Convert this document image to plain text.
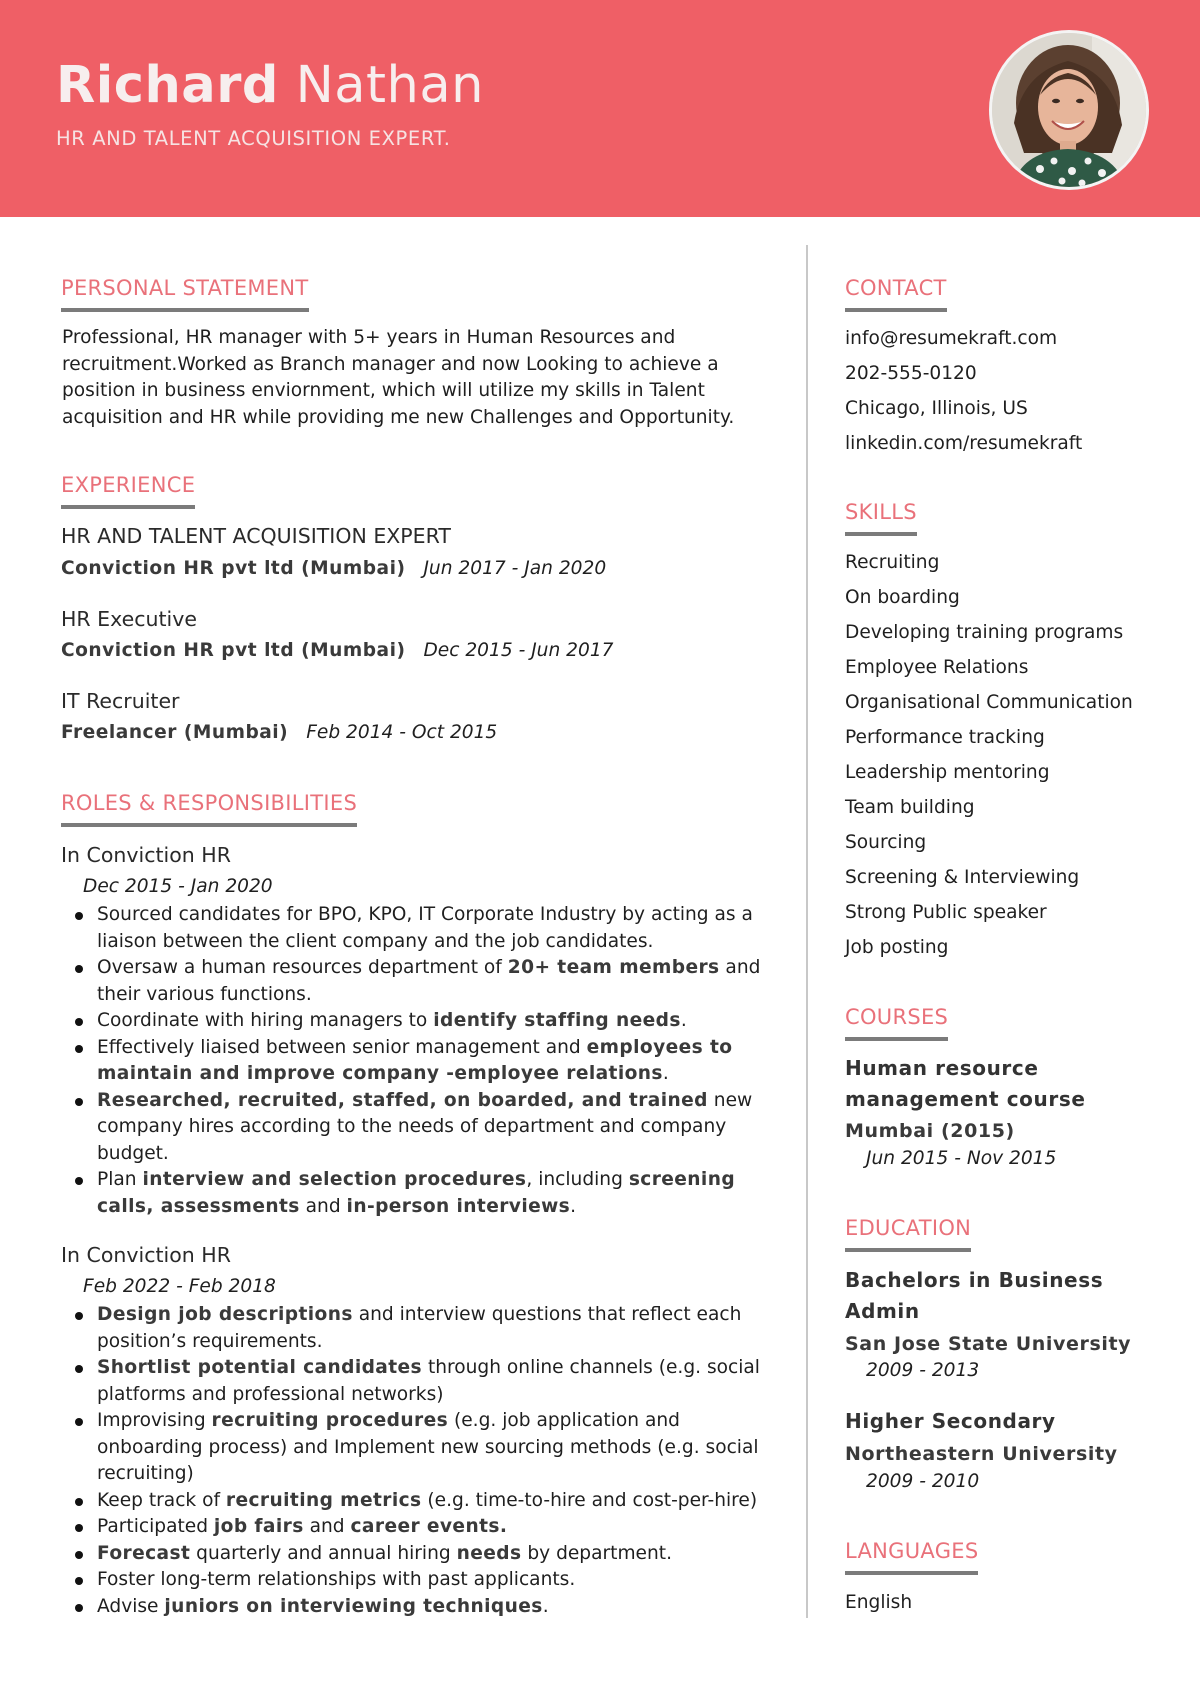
Richard Nathan
HR AND TALENT ACQUISITION EXPERT.
PERSONAL STATEMENT
Professional, HR manager with 5+ years in Human Resources and recruitment.Worked as Branch manager and now Looking to achieve a position in business enviornment, which will utilize my skills in Talent acquisition and HR while providing me new Challenges and Opportunity.
EXPERIENCE
HR AND TALENT ACQUISITION EXPERT
Conviction HR pvt ltd (Mumbai) Jun 2017 - Jan 2020
HR Executive
Conviction HR pvt ltd (Mumbai) Dec 2015 - Jun 2017
IT Recruiter
Freelancer (Mumbai) Feb 2014 - Oct 2015
ROLES & RESPONSIBILITIES
In Conviction HR
Dec 2015 - Jan 2020
Sourced candidates for BPO, KPO, IT Corporate Industry by acting as a liaison between the client company and the job candidates.
Oversaw a human resources department of 20+ team members and their various functions.
Coordinate with hiring managers to identify staffing needs.
Effectively liaised between senior management and employees to maintain and improve company -employee relations.
Researched, recruited, staffed, on boarded, and trained new company hires according to the needs of department and company budget.
Plan interview and selection procedures, including screening calls, assessments and in-person interviews.
In Conviction HR
Feb 2022 - Feb 2018
Design job descriptions and interview questions that reflect each position’s requirements.
Shortlist potential candidates through online channels (e.g. social platforms and professional networks)
Improvising recruiting procedures (e.g. job application and onboarding process) and Implement new sourcing methods (e.g. social recruiting)
Keep track of recruiting metrics (e.g. time-to-hire and cost-per-hire)
Participated job fairs and career events.
Forecast quarterly and annual hiring needs by department.
Foster long-term relationships with past applicants.
Advise juniors on interviewing techniques.
CONTACT
info@resumekraft.com
202-555-0120
Chicago, Illinois, US
linkedin.com/resumekraft
SKILLS
Recruiting
On boarding
Developing training programs
Employee Relations
Organisational Communication
Performance tracking
Leadership mentoring
Team building
Sourcing
Screening & Interviewing
Strong Public speaker
Job posting
COURSES
Human resource
management course
Mumbai (2015)
Jun 2015 - Nov 2015
EDUCATION
Bachelors in Business
Admin
San Jose State University
2009 - 2013
Higher Secondary
Northeastern University
2009 - 2010
LANGUAGES
English
